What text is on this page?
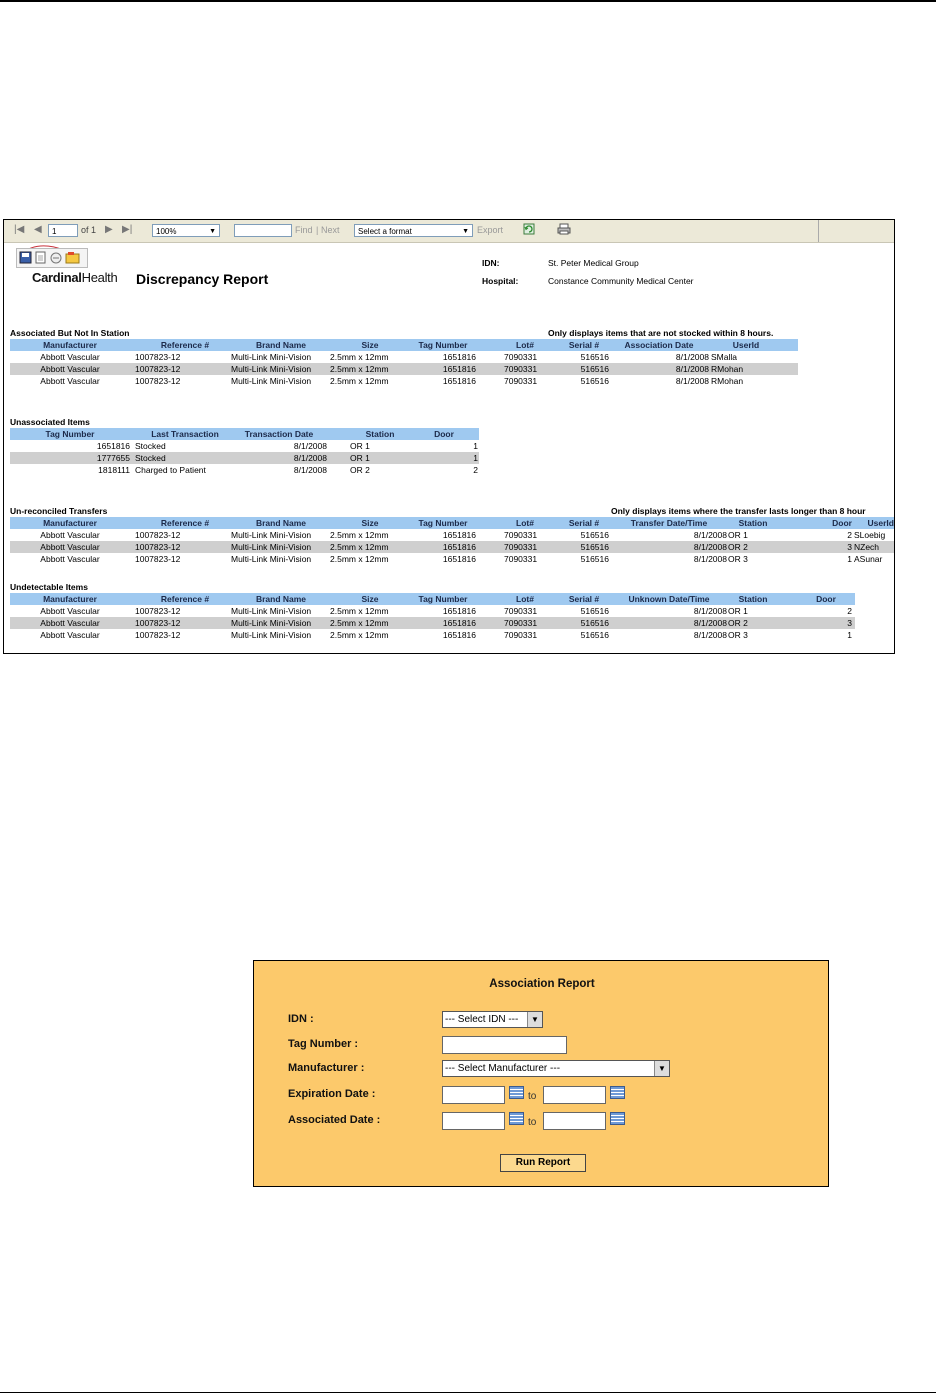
|◀ ◀	1	of 1 ▶ ▶|	100%	▼	Find | Next	Select a format	▼ Export
CardinalHealth Discrepancy Report
IDN:	St. Peter Medical Group
Hospital:	Constance Community Medical Center
Associated But Not In Station	Only displays items that are not stocked within 8 hours.
Manufacturer	Reference #	Brand Name	Size	Tag Number	Lot#	Serial #	Association Date	UserId
Abbott Vascular	1007823-12	Multi-Link Mini-Vision	2.5mm x 12mm	1651816	7090331	516516	8/1/2008 SMalla
Abbott Vascular	1007823-12	Multi-Link Mini-Vision	2.5mm x 12mm	1651816	7090331	516516	8/1/2008 RMohan
Abbott Vascular	1007823-12	Multi-Link Mini-Vision	2.5mm x 12mm	1651816	7090331	516516	8/1/2008 RMohan
Unassociated Items
Tag Number	Last Transaction	Transaction Date	Station	Door
1651816 Stocked	8/1/2008	OR 1	1
1777655 Stocked	8/1/2008	OR 1	1
1818111 Charged to Patient	8/1/2008	OR 2	2
Un-reconciled Transfers	Only displays items where the transfer lasts longer than 8 hour
Manufacturer	Reference #	Brand Name	Size	Tag Number	Lot#	Serial #	Transfer Date/Time	Station	Door	UserId
Abbott Vascular	1007823-12	Multi-Link Mini-Vision	2.5mm x 12mm	1651816	7090331	516516	8/1/2008 OR 1	2 SLoebig
Abbott Vascular	1007823-12	Multi-Link Mini-Vision	2.5mm x 12mm	1651816	7090331	516516	8/1/2008 OR 2	3 NZech
Abbott Vascular	1007823-12	Multi-Link Mini-Vision	2.5mm x 12mm	1651816	7090331	516516	8/1/2008 OR 3	1 ASunar
Undetectable Items
Manufacturer	Reference #	Brand Name	Size	Tag Number	Lot#	Serial #	Unknown Date/Time	Station	Door
Abbott Vascular	1007823-12	Multi-Link Mini-Vision	2.5mm x 12mm	1651816	7090331	516516	8/1/2008 OR 1	2
Abbott Vascular	1007823-12	Multi-Link Mini-Vision	2.5mm x 12mm	1651816	7090331	516516	8/1/2008 OR 2	3
Abbott Vascular	1007823-12	Multi-Link Mini-Vision	2.5mm x 12mm	1651816	7090331	516516	8/1/2008 OR 3	1
Association Report
IDN :	--- Select IDN ---	▼
Tag Number :
Manufacturer :	--- Select Manufacturer ---	▼
Expiration Date :	to
Associated Date :	to
Run Report
